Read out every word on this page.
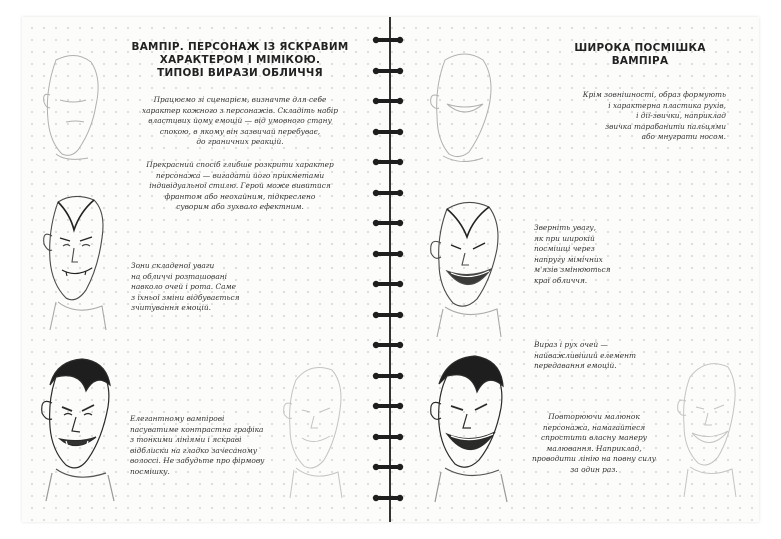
ВАМПІР. ПЕРСОНАЖ ІЗ ЯСКРАВИМ
ХАРАКТЕРОМ І МІМІКОЮ.
ТИПОВІ ВИРАЗИ ОБЛИЧЧЯ
Працюємо зі сценарієм, визначте для себе
характер кожного з персонажів. Складіть набір
властивих йому емоцій — від умовного стану
спокою, в якому він зазвичай перебуває,
до граничних реакцій.
Прекрасний спосіб глибше розкрити характер
персонажа — вигадати його прикметами
індивідуальної стилю. Герой може вивитися
франтом або неохайним, підкреслено
суворим або зухвало ефектним.
Зони складеної уваги
на обличчі розташовані
навколо очей і рота. Саме
з їхньої зміни відбувається
зчитування емоцій.
Елегантному вампірові
пасуватиме контрастна графіка
з тонкими лініями і яскраві
відблиски на гладко зачесаному
волоссі. Не забудьте про фірмову
посмішку.
ШИРОКА ПОСМІШКА ВАМПІРА
Крім зовнішності, образ формують
і характерна пластика рухів,
і дії-звички, наприклад
звичка тарабанити пальцями
або мнуграти носом.
Зверніть увагу,
як при широкій
посмішці через
напругу мімічних
м'язів змінюються
краї обличчя.
Вираз і рух очей —
найважливіший елемент
передавання емоцій.
Повторюючи малюнок
персонажа, намагайтеся
спростити власну манеру
малювання. Наприклад,
проводити лінію на повну силу
за один раз.
